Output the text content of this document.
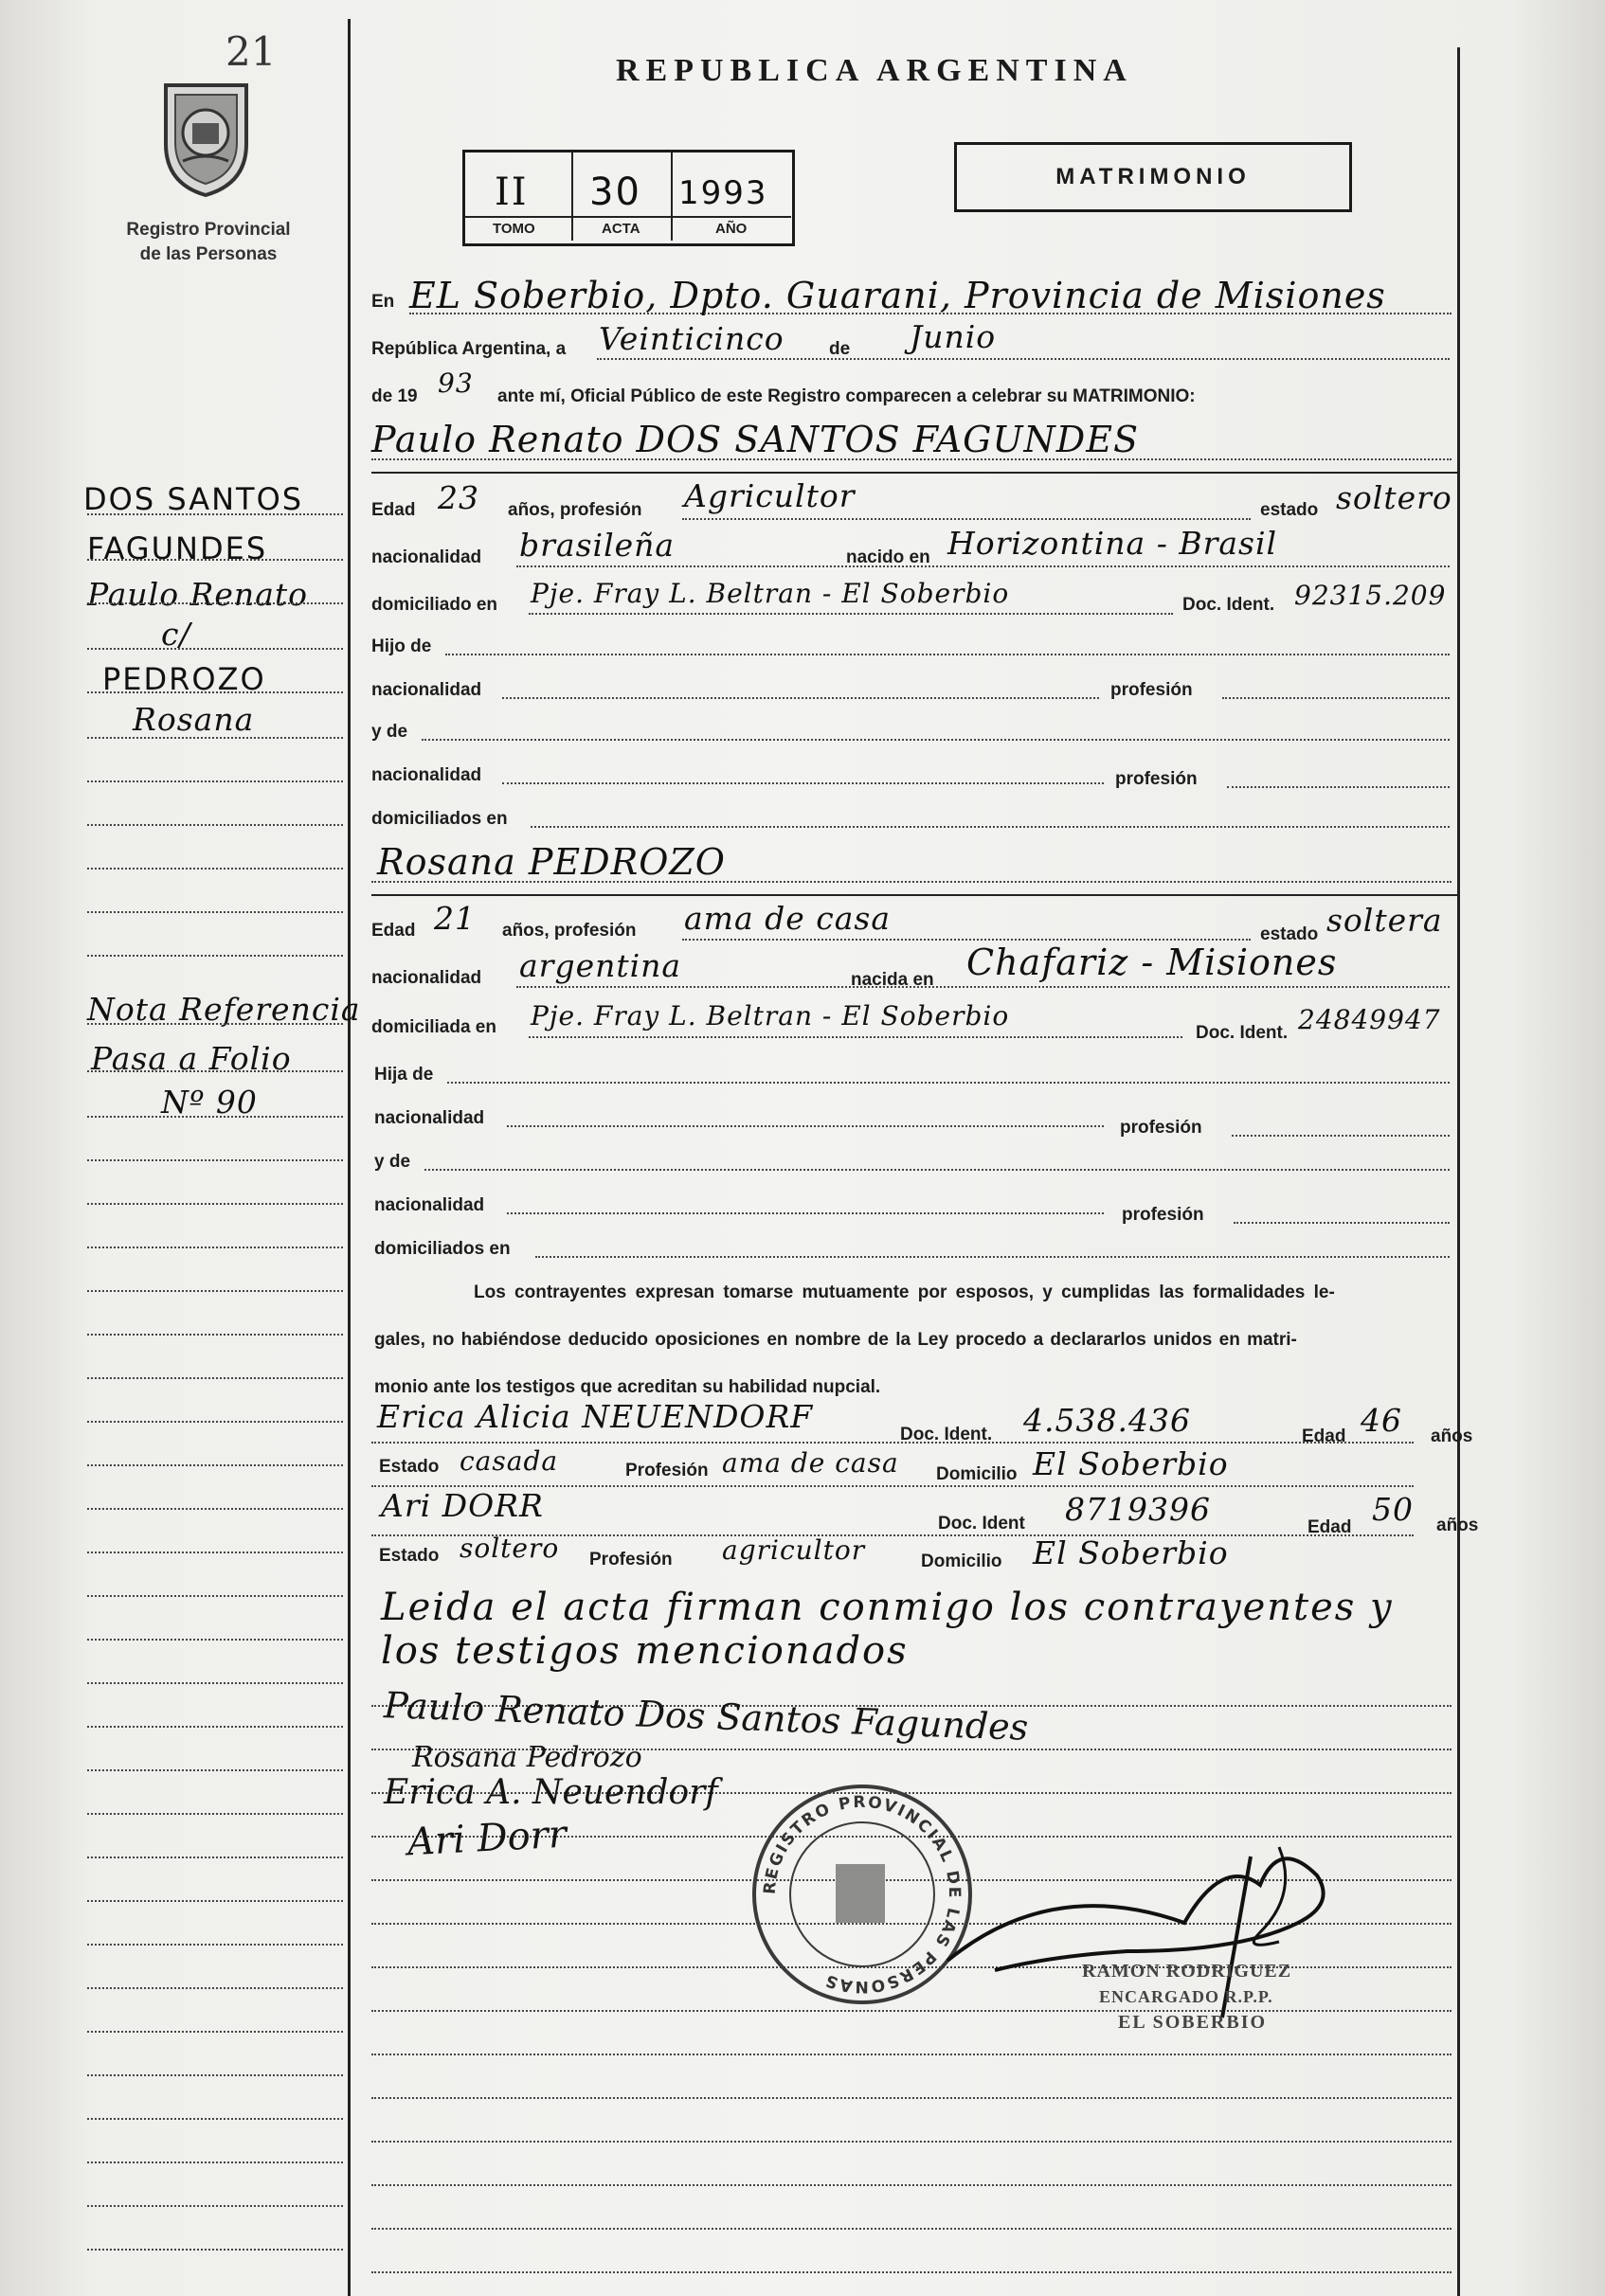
21
Registro Provincial
de las Personas
REPUBLICA ARGENTINA
II 30 1993
TOMO	ACTA	AÑO
MATRIMONIO
En EL Soberbio, Dpto. Guarani, Provincia de Misiones
República Argentina, a Veinticinco de Junio
de 19 93 ante mí, Oficial Público de este Registro comparecen a celebrar su MATRIMONIO:
Paulo Renato DOS SANTOS FAGUNDES
Edad 23 años, profesión Agricultor	estado soltero
nacionalidad brasileña	nacido en Horizontina - Brasil
domiciliado en Pje. Fray L. Beltran - El Soberbio	Doc. Ident. 92315.209
Hijo de
nacionalidad	profesión
y de
nacionalidad	profesión
domiciliados en
Rosana PEDROZO
Edad 21 años, profesión ama de casa	estado soltera
nacionalidad argentina	nacida en Chafariz - Misiones
domiciliada en Pje. Fray L. Beltran - El Soberbio
Doc. Ident. 24849947
Hija de
nacionalidad	profesión
y de
nacionalidad	profesión
domiciliados en
Los contrayentes expresan tomarse mutuamente por esposos, y cumplidas las formalidades le-
gales, no habiéndose deducido oposiciones en nombre de la Ley procedo a declararlos unidos en matri-
monio ante los testigos que acreditan su habilidad nupcial.
Erica Alicia NEUENDORF	Doc. Ident. 4.538.436	Edad 46 años
Estado casada	Profesión ama de casa Domicilio El Soberbio
Ari DORR	Doc. Ident 8719396	Edad 50 años
Estado soltero Profesión agricultor	Domicilio El Soberbio
Leida el acta firman conmigo los contrayentes y
los testigos mencionados
Paulo Renato Dos Santos Fagundes
Rosana Pedrozo
Erica A. Neuendorf
Ari Dorr
REGISTRO PROVINCIAL DE LAS PERSONAS	RAMON RODRIGUEZ
ENCARGADO R.P.P.
EL SOBERBIO
DOS SANTOS
FAGUNDES
Paulo Renato
c/
PEDROZO
Rosana
Nota Referencia
Pasa a Folio
Nº 90
